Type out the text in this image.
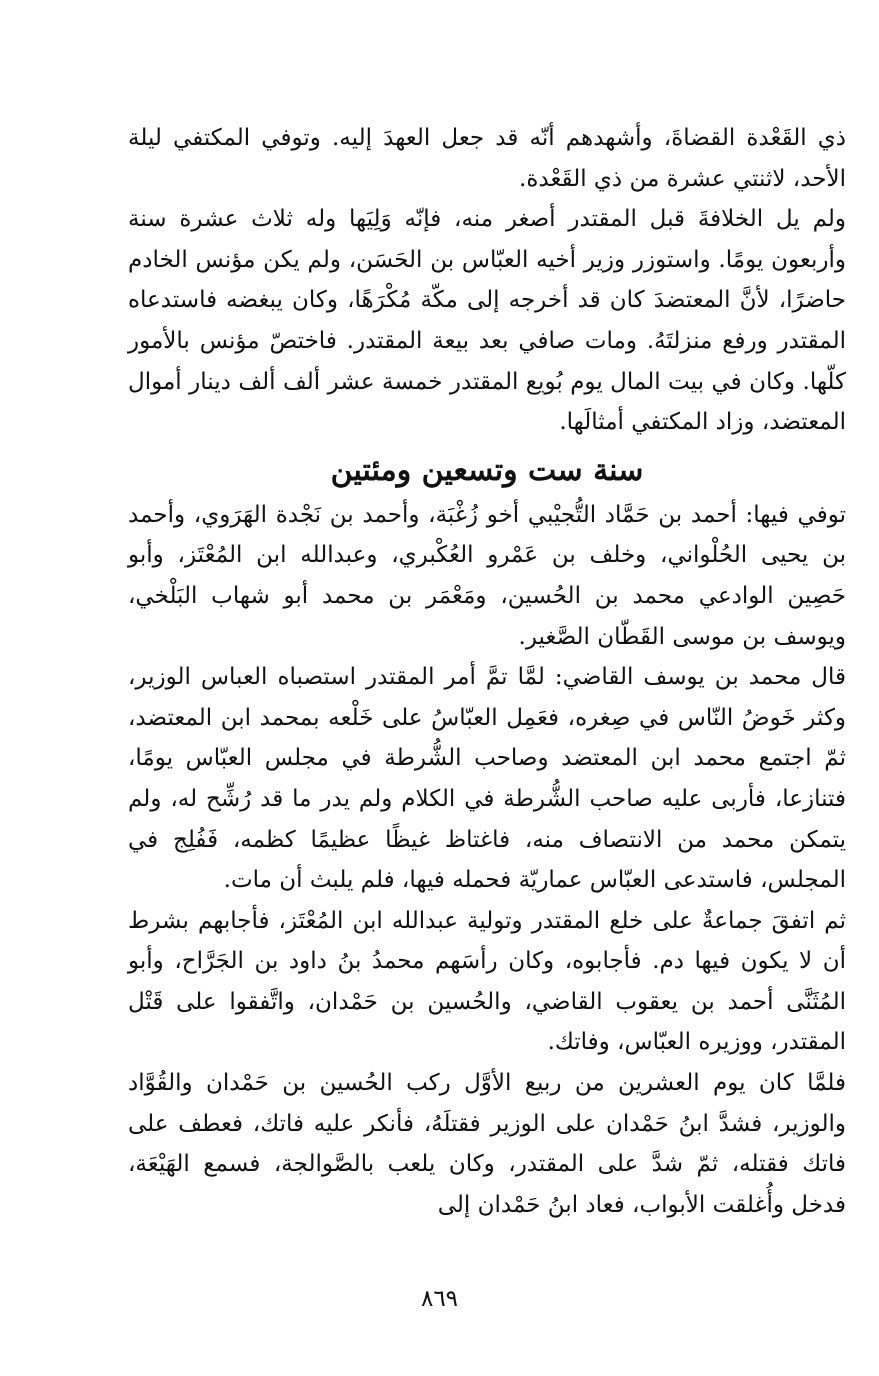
ذي القَعْدة القضاةَ، وأشهدهم أنّه قد جعل العهدَ إليه. وتوفي المكتفي ليلة الأحد، لاثنتي عشرة من ذي القَعْدة.

ولم يل الخلافةَ قبل المقتدر أصغر منه، فإنّه وَلِيَها وله ثلاث عشرة سنة وأربعون يومًا. واستوزر وزير أخيه العبّاس بن الحَسَن، ولم يكن مؤنس الخادم حاضرًا، لأنَّ المعتضدَ كان قد أخرجه إلى مكّة مُكْرَهًا، وكان يبغضه فاستدعاه المقتدر ورفع منزلتَهُ. ومات صافي بعد بيعة المقتدر. فاختصّ مؤنس بالأمور كلّها. وكان في بيت المال يوم بُويع المقتدر خمسة عشر ألف ألف دينار أموال المعتضد، وزاد المكتفي أمثالَها.

سنة ست وتسعين ومئتين

توفي فيها: أحمد بن حَمَّاد التُّجيْبي أخو زُغْبَة، وأحمد بن نَجْدة الهَرَوي، وأحمد بن يحيى الحُلْواني، وخلف بن عَمْرو العُكْبري، وعبدالله ابن المُعْتَز، وأبو حَصِين الوادعي محمد بن الحُسين، ومَعْمَر بن محمد أبو شهاب البَلْخي، ويوسف بن موسى القَطّان الصَّغير.

قال محمد بن يوسف القاضي: لمَّا تمَّ أمر المقتدر استصباه العباس الوزير، وكثر خَوضُ النّاس في صِغره، فعَمِل العبّاسُ على خَلْعه بمحمد ابن المعتضد، ثمّ اجتمع محمد ابن المعتضد وصاحب الشُّرطة في مجلس العبّاس يومًا، فتنازعا، فأربى عليه صاحب الشُّرطة في الكلام ولم يدر ما قد رُشِّح له، ولم يتمكن محمد من الانتصاف منه، فاغتاظ غيظًا عظيمًا كظمه، فَفُلِج في المجلس، فاستدعى العبّاس عماريّة فحمله فيها، فلم يلبث أن مات.

ثم اتفقَ جماعةٌ على خلع المقتدر وتولية عبدالله ابن المُعْتَز، فأجابهم بشرط أن لا يكون فيها دم. فأجابوه، وكان رأسَهم محمدُ بنُ داود بن الجَرَّاح، وأبو المُثَنَّى أحمد بن يعقوب القاضي، والحُسين بن حَمْدان، واتَّفقوا على قَتْل المقتدر، ووزيره العبّاس، وفاتك.

فلمَّا كان يوم العشرين من ربيع الأوَّل ركب الحُسين بن حَمْدان والقُوَّاد والوزير، فشدَّ ابنُ حَمْدان على الوزير فقتلَهُ، فأنكر عليه فاتك، فعطف على فاتك فقتله، ثمّ شدَّ على المقتدر، وكان يلعب بالصَّوالجة، فسمع الهَيْعَة، فدخل وأُغلقت الأبواب، فعاد ابنُ حَمْدان إلى

٨٦٩
